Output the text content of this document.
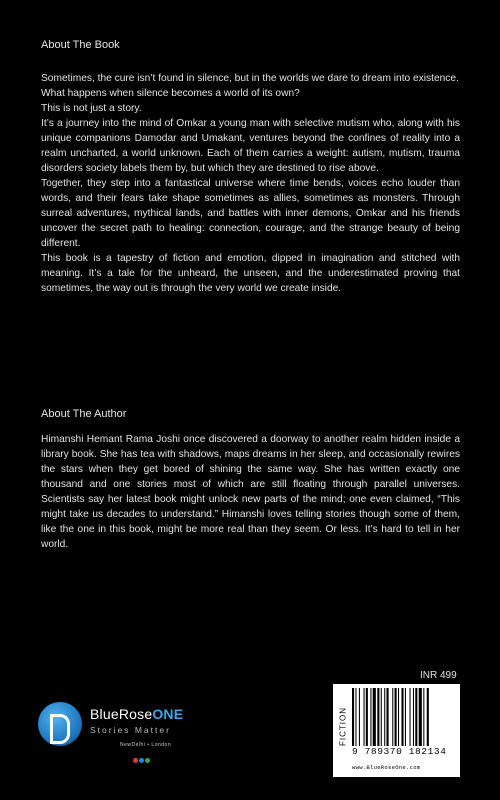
About The Book

Sometimes, the cure isn’t found in silence, but in the worlds we dare to dream into existence.

What happens when silence becomes a world of its own?

This is not just a story.

It’s a journey into the mind of Omkar a young man with selective mutism who, along with his unique companions Damodar and Umakant, ventures beyond the confines of reality into a realm uncharted, a world unknown. Each of them carries a weight: autism, mutism, trauma disorders society labels them by, but which they are destined to rise above.

Together, they step into a fantastical universe where time bends, voices echo louder than words, and their fears take shape sometimes as allies, sometimes as monsters. Through surreal adventures, mythical lands, and battles with inner demons, Omkar and his friends uncover the secret path to healing: connection, courage, and the strange beauty of being different.

This book is a tapestry of fiction and emotion, dipped in imagination and stitched with meaning. It’s a tale for the unheard, the unseen, and the underestimated proving that sometimes, the way out is through the very world we create inside.

About The Author

Himanshi Hemant Rama Joshi once discovered a doorway to another realm hidden inside a library book. She has tea with shadows, maps dreams in her sleep, and occasionally rewires the stars when they get bored of shining the same way. She has written exactly one thousand and one stories most of which are still floating through parallel universes. Scientists say her latest book might unlock new parts of the mind; one even claimed, “This might take us decades to understand.” Himanshi loves telling stories though some of them, like the one in this book, might be more real than they seem. Or less. It’s hard to tell in her world.

BlueRoseONE
Stories Matter
NewDelhi • London
INR 499
FICTION
9 789370 182134
www.BlueRoseOne.com
